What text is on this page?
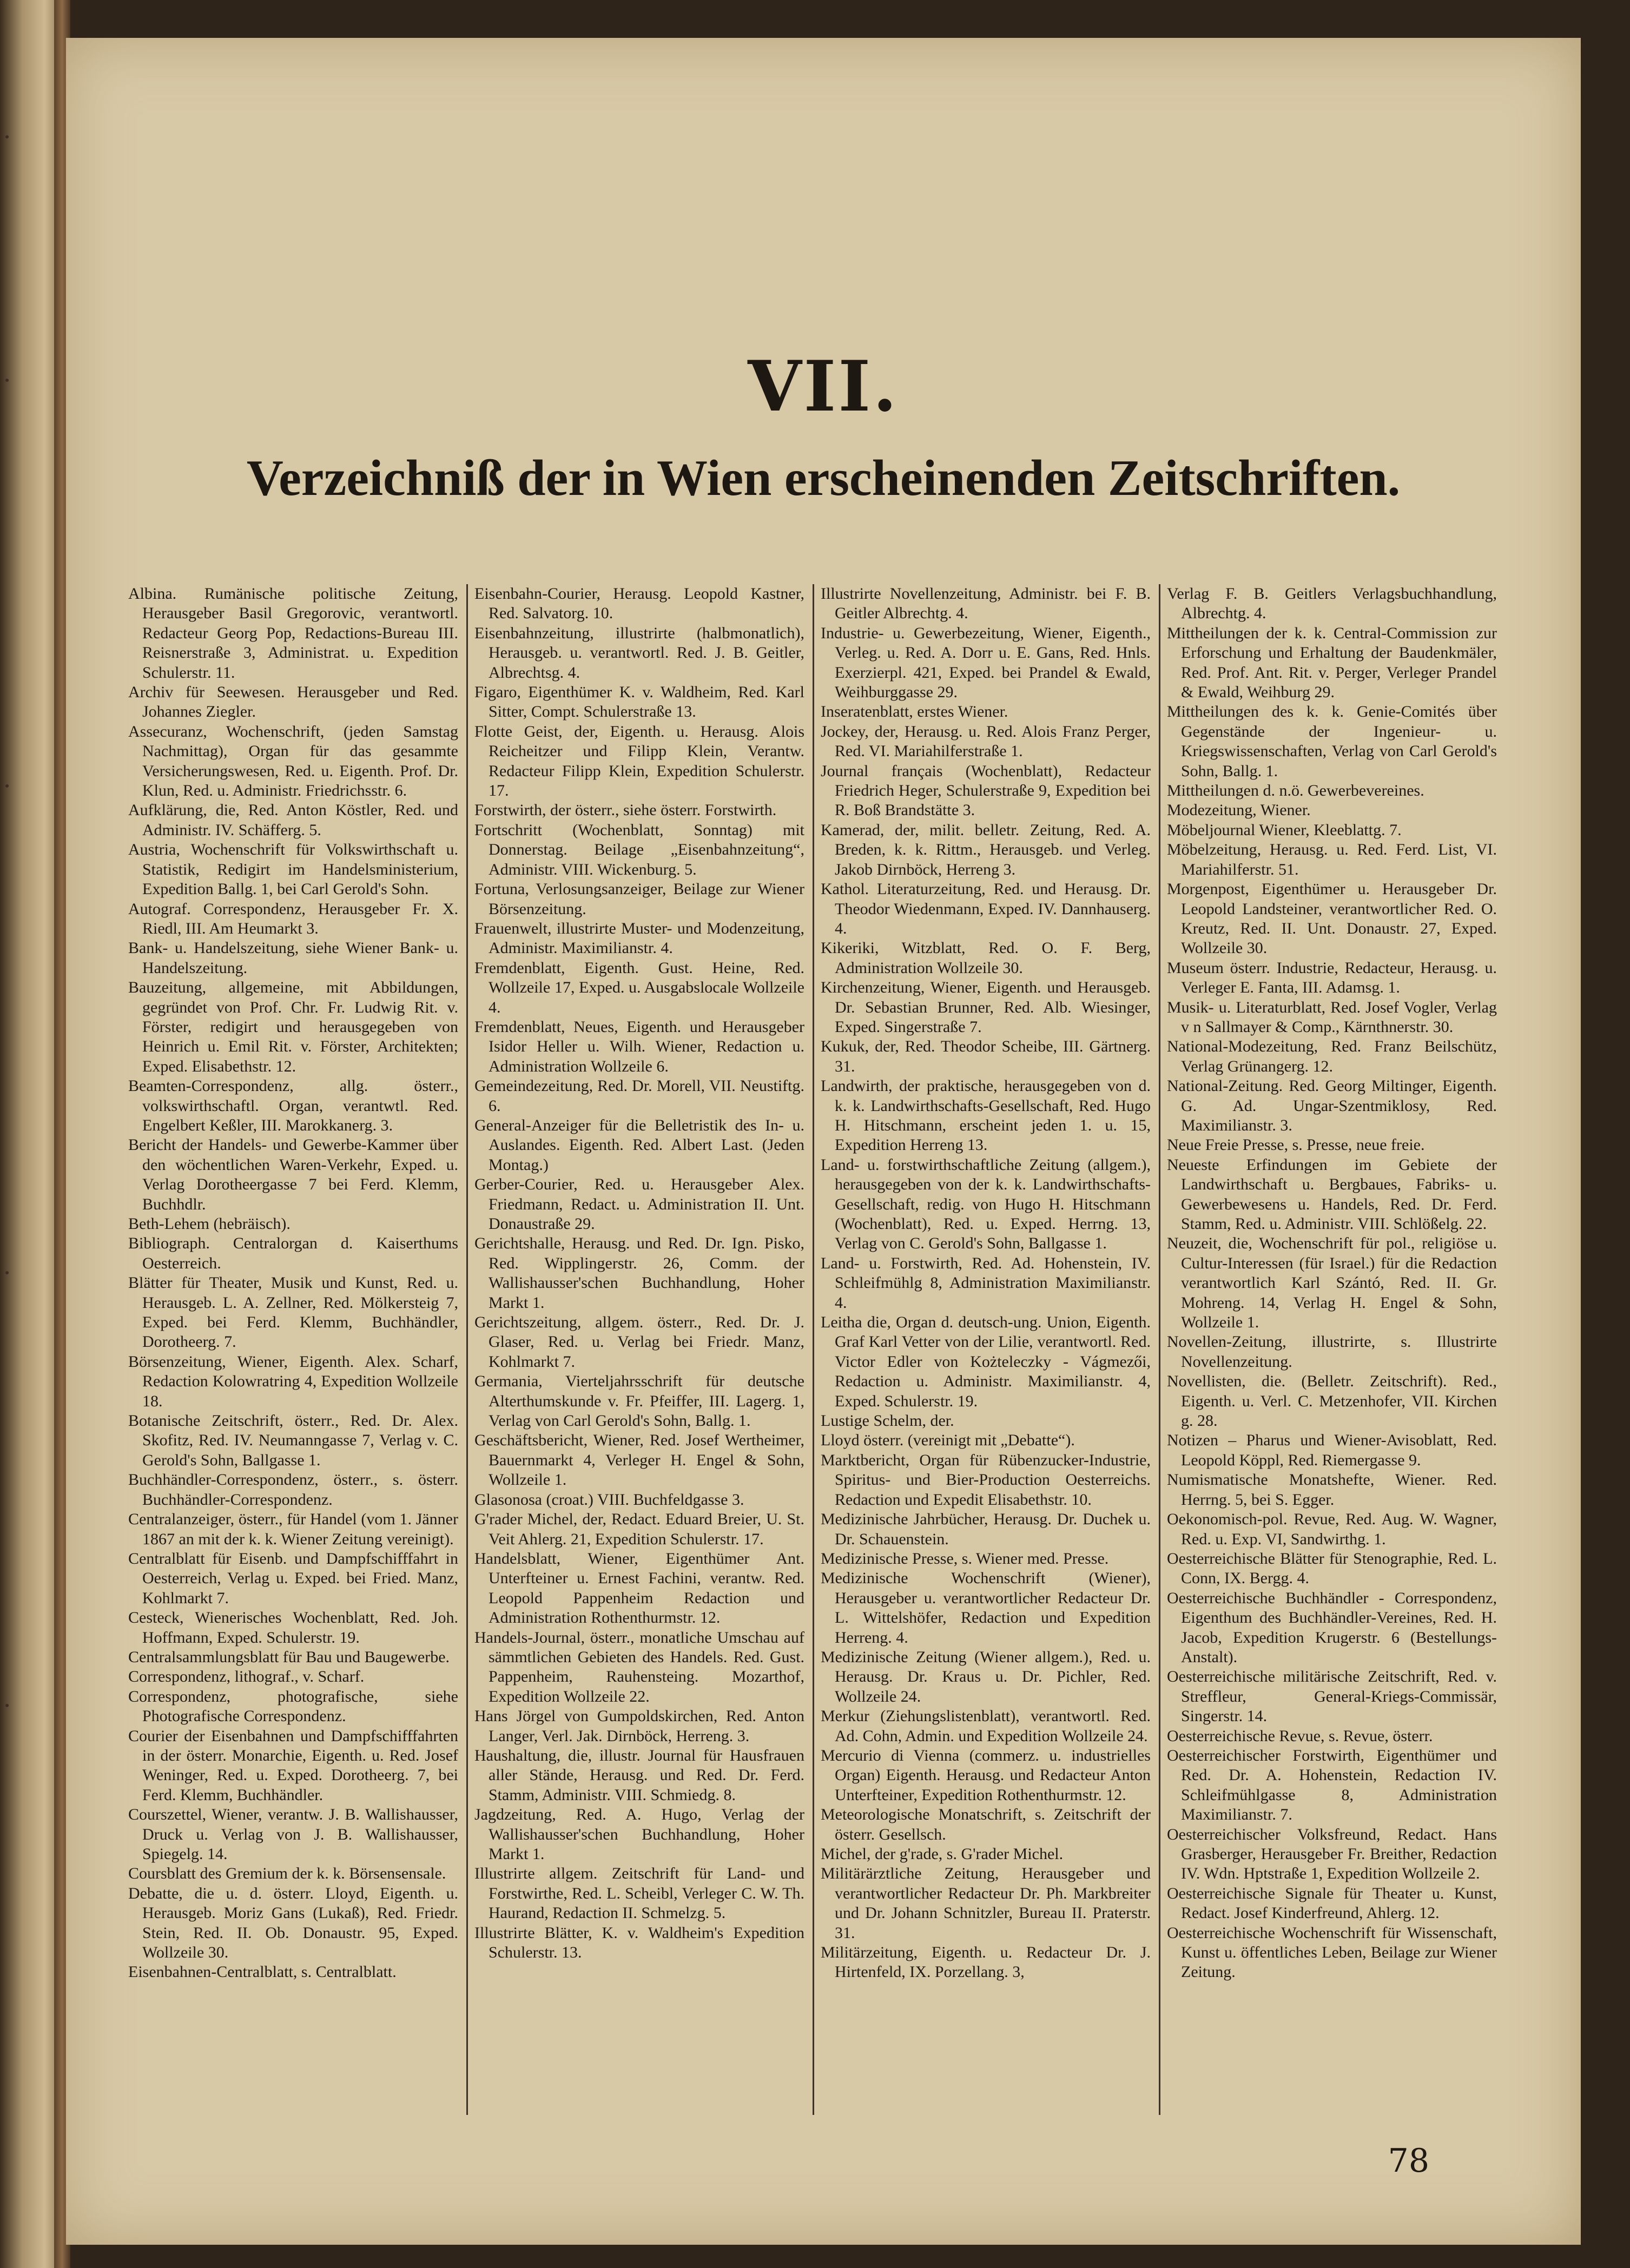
VII.
Verzeichniß der in Wien erscheinenden Zeitschriften.
Albina. Rumänische politische Zeitung, Herausgeber Basil Gregorovic, verantwortl. Redacteur Georg Pop, Redactions-Bureau III. Reisnerstraße 3, Administrat. u. Expedition Schulerstr. 11.
Archiv für Seewesen. Herausgeber und Red. Johannes Ziegler.
Assecuranz, Wochenschrift, (jeden Samstag Nachmittag), Organ für das gesammte Versicherungswesen, Red. u. Eigenth. Prof. Dr. Klun, Red. u. Administr. Friedrichsstr. 6.
Aufklärung, die, Red. Anton Köstler, Red. und Administr. IV. Schäfferg. 5.
Austria, Wochenschrift für Volkswirthschaft u. Statistik, Redigirt im Handelsministerium, Expedition Ballg. 1, bei Carl Gerold's Sohn.
Autograf. Correspondenz, Herausgeber Fr. X. Riedl, III. Am Heumarkt 3.
Bank- u. Handelszeitung, siehe Wiener Bank- u. Handelszeitung.
Bauzeitung, allgemeine, mit Abbildungen, gegründet von Prof. Chr. Fr. Ludwig Rit. v. Förster, redigirt und herausgegeben von Heinrich u. Emil Rit. v. Förster, Architekten; Exped. Elisabethstr. 12.
Beamten-Correspondenz, allg. österr., volkswirthschaftl. Organ, verantwtl. Red. Engelbert Keßler, III. Marokkanerg. 3.
Bericht der Handels- und Gewerbe-Kammer über den wöchentlichen Waren-Verkehr, Exped. u. Verlag Dorotheergasse 7 bei Ferd. Klemm, Buchhdlr.
Beth-Lehem (hebräisch).
Bibliograph. Centralorgan d. Kaiserthums Oesterreich.
Blätter für Theater, Musik und Kunst, Red. u. Herausgeb. L. A. Zellner, Red. Mölkersteig 7, Exped. bei Ferd. Klemm, Buchhändler, Dorotheerg. 7.
Börsenzeitung, Wiener, Eigenth. Alex. Scharf, Redaction Kolowratring 4, Expedition Wollzeile 18.
Botanische Zeitschrift, österr., Red. Dr. Alex. Skofitz, Red. IV. Neumanngasse 7, Verlag v. C. Gerold's Sohn, Ballgasse 1.
Buchhändler-Correspondenz, österr., s. österr. Buchhändler-Correspondenz.
Centralanzeiger, österr., für Handel (vom 1. Jänner 1867 an mit der k. k. Wiener Zeitung vereinigt).
Centralblatt für Eisenb. und Dampfschifffahrt in Oesterreich, Verlag u. Exped. bei Fried. Manz, Kohlmarkt 7.
Cesteck, Wienerisches Wochenblatt, Red. Joh. Hoffmann, Exped. Schulerstr. 19.
Centralsammlungsblatt für Bau und Baugewerbe.
Correspondenz, lithograf., v. Scharf.
Correspondenz, photografische, siehe Photografische Correspondenz.
Courier der Eisenbahnen und Dampfschifffahrten in der österr. Monarchie, Eigenth. u. Red. Josef Weninger, Red. u. Exped. Dorotheerg. 7, bei Ferd. Klemm, Buchhändler.
Courszettel, Wiener, verantw. J. B. Wallishausser, Druck u. Verlag von J. B. Wallishausser, Spiegelg. 14.
Coursblatt des Gremium der k. k. Börsensensale.
Debatte, die u. d. österr. Lloyd, Eigenth. u. Herausgeb. Moriz Gans (Lukaß), Red. Friedr. Stein, Red. II. Ob. Donaustr. 95, Exped. Wollzeile 30.
Eisenbahnen-Centralblatt, s. Centralblatt.
Eisenbahn-Courier, Herausg. Leopold Kastner, Red. Salvatorg. 10.
Eisenbahnzeitung, illustrirte (halbmonatlich), Herausgeb. u. verantwortl. Red. J. B. Geitler, Albrechtsg. 4.
Figaro, Eigenthümer K. v. Waldheim, Red. Karl Sitter, Compt. Schulerstraße 13.
Flotte Geist, der, Eigenth. u. Herausg. Alois Reicheitzer und Filipp Klein, Verantw. Redacteur Filipp Klein, Expedition Schulerstr. 17.
Forstwirth, der österr., siehe österr. Forstwirth.
Fortschritt (Wochenblatt, Sonntag) mit Donnerstag. Beilage „Eisenbahnzeitung“, Administr. VIII. Wickenburg. 5.
Fortuna, Verlosungsanzeiger, Beilage zur Wiener Börsenzeitung.
Frauenwelt, illustrirte Muster- und Modenzeitung, Administr. Maximilianstr. 4.
Fremdenblatt, Eigenth. Gust. Heine, Red. Wollzeile 17, Exped. u. Ausgabslocale Wollzeile 4.
Fremdenblatt, Neues, Eigenth. und Herausgeber Isidor Heller u. Wilh. Wiener, Redaction u. Administration Wollzeile 6.
Gemeindezeitung, Red. Dr. Morell, VII. Neustiftg. 6.
General-Anzeiger für die Belletristik des In- u. Auslandes. Eigenth. Red. Albert Last. (Jeden Montag.)
Gerber-Courier, Red. u. Herausgeber Alex. Friedmann, Redact. u. Administration II. Unt. Donaustraße 29.
Gerichtshalle, Herausg. und Red. Dr. Ign. Pisko, Red. Wipplingerstr. 26, Comm. der Wallishausser'schen Buchhandlung, Hoher Markt 1.
Gerichtszeitung, allgem. österr., Red. Dr. J. Glaser, Red. u. Verlag bei Friedr. Manz, Kohlmarkt 7.
Germania, Vierteljahrsschrift für deutsche Alterthumskunde v. Fr. Pfeiffer, III. Lagerg. 1, Verlag von Carl Gerold's Sohn, Ballg. 1.
Geschäftsbericht, Wiener, Red. Josef Wertheimer, Bauernmarkt 4, Verleger H. Engel & Sohn, Wollzeile 1.
Glasonosa (croat.) VIII. Buchfeldgasse 3.
G'rader Michel, der, Redact. Eduard Breier, U. St. Veit Ahlerg. 21, Expedition Schulerstr. 17.
Handelsblatt, Wiener, Eigenthümer Ant. Unterfteiner u. Ernest Fachini, verantw. Red. Leopold Pappenheim Redaction und Administration Rothenthurmstr. 12.
Handels-Journal, österr., monatliche Umschau auf sämmtlichen Gebieten des Handels. Red. Gust. Pappenheim, Rauhensteing. Mozarthof, Expedition Wollzeile 22.
Hans Jörgel von Gumpoldskirchen, Red. Anton Langer, Verl. Jak. Dirnböck, Herreng. 3.
Haushaltung, die, illustr. Journal für Hausfrauen aller Stände, Herausg. und Red. Dr. Ferd. Stamm, Administr. VIII. Schmiedg. 8.
Jagdzeitung, Red. A. Hugo, Verlag der Wallishausser'schen Buchhandlung, Hoher Markt 1.
Illustrirte allgem. Zeitschrift für Land- und Forstwirthe, Red. L. Scheibl, Verleger C. W. Th. Haurand, Redaction II. Schmelzg. 5.
Illustrirte Blätter, K. v. Waldheim's Expedition Schulerstr. 13.
Illustrirte Novellenzeitung, Administr. bei F. B. Geitler Albrechtg. 4.
Industrie- u. Gewerbezeitung, Wiener, Eigenth., Verleg. u. Red. A. Dorr u. E. Gans, Red. Hnls. Exerzierpl. 421, Exped. bei Prandel & Ewald, Weihburggasse 29.
Inseratenblatt, erstes Wiener.
Jockey, der, Herausg. u. Red. Alois Franz Perger, Red. VI. Mariahilferstraße 1.
Journal français (Wochenblatt), Redacteur Friedrich Heger, Schulerstraße 9, Expedition bei R. Boß Brandstätte 3.
Kamerad, der, milit. belletr. Zeitung, Red. A. Breden, k. k. Rittm., Herausgeb. und Verleg. Jakob Dirnböck, Herreng 3.
Kathol. Literaturzeitung, Red. und Herausg. Dr. Theodor Wiedenmann, Exped. IV. Dannhauserg. 4.
Kikeriki, Witzblatt, Red. O. F. Berg, Administration Wollzeile 30.
Kirchenzeitung, Wiener, Eigenth. und Herausgeb. Dr. Sebastian Brunner, Red. Alb. Wiesinger, Exped. Singerstraße 7.
Kukuk, der, Red. Theodor Scheibe, III. Gärtnerg. 31.
Landwirth, der praktische, herausgegeben von d. k. k. Landwirthschafts-Gesellschaft, Red. Hugo H. Hitschmann, erscheint jeden 1. u. 15, Expedition Herreng 13.
Land- u. forstwirthschaftliche Zeitung (allgem.), herausgegeben von der k. k. Landwirthschafts-Gesellschaft, redig. von Hugo H. Hitschmann (Wochenblatt), Red. u. Exped. Herrng. 13, Verlag von C. Gerold's Sohn, Ballgasse 1.
Land- u. Forstwirth, Red. Ad. Hohenstein, IV. Schleifmühlg 8, Administration Maximilianstr. 4.
Leitha die, Organ d. deutsch-ung. Union, Eigenth. Graf Karl Vetter von der Lilie, verantwortl. Red. Victor Edler von Kożteleczky - Vágmezői, Redaction u. Administr. Maximilianstr. 4, Exped. Schulerstr. 19.
Lustige Schelm, der.
Lloyd österr. (vereinigt mit „Debatte“).
Marktbericht, Organ für Rübenzucker-Industrie, Spiritus- und Bier-Production Oesterreichs. Redaction und Expedit Elisabethstr. 10.
Medizinische Jahrbücher, Herausg. Dr. Duchek u. Dr. Schauenstein.
Medizinische Presse, s. Wiener med. Presse.
Medizinische Wochenschrift (Wiener), Herausgeber u. verantwortlicher Redacteur Dr. L. Wittelshöfer, Redaction und Expedition Herreng. 4.
Medizinische Zeitung (Wiener allgem.), Red. u. Herausg. Dr. Kraus u. Dr. Pichler, Red. Wollzeile 24.
Merkur (Ziehungslistenblatt), verantwortl. Red. Ad. Cohn, Admin. und Expedition Wollzeile 24.
Mercurio di Vienna (commerz. u. industrielles Organ) Eigenth. Herausg. und Redacteur Anton Unterfteiner, Expedition Rothenthurmstr. 12.
Meteorologische Monatschrift, s. Zeitschrift der österr. Gesellsch.
Michel, der g'rade, s. G'rader Michel.
Militärärztliche Zeitung, Herausgeber und verantwortlicher Redacteur Dr. Ph. Markbreiter und Dr. Johann Schnitzler, Bureau II. Praterstr. 31.
Militärzeitung, Eigenth. u. Redacteur Dr. J. Hirtenfeld, IX. Porzellang. 3,
Verlag F. B. Geitlers Verlagsbuchhandlung, Albrechtg. 4.
Mittheilungen der k. k. Central-Commission zur Erforschung und Erhaltung der Baudenkmäler, Red. Prof. Ant. Rit. v. Perger, Verleger Prandel & Ewald, Weihburg 29.
Mittheilungen des k. k. Genie-Comités über Gegenstände der Ingenieur- u. Kriegswissenschaften, Verlag von Carl Gerold's Sohn, Ballg. 1.
Mittheilungen d. n.ö. Gewerbevereines.
Modezeitung, Wiener.
Möbeljournal Wiener, Kleeblattg. 7.
Möbelzeitung, Herausg. u. Red. Ferd. List, VI. Mariahilferstr. 51.
Morgenpost, Eigenthümer u. Herausgeber Dr. Leopold Landsteiner, verantwortlicher Red. O. Kreutz, Red. II. Unt. Donaustr. 27, Exped. Wollzeile 30.
Museum österr. Industrie, Redacteur, Herausg. u. Verleger E. Fanta, III. Adamsg. 1.
Musik- u. Literaturblatt, Red. Josef Vogler, Verlag v n Sallmayer & Comp., Kärnthnerstr. 30.
National-Modezeitung, Red. Franz Beilschütz, Verlag Grünangerg. 12.
National-Zeitung. Red. Georg Miltinger, Eigenth. G. Ad. Ungar-Szentmiklosy, Red. Maximilianstr. 3.
Neue Freie Presse, s. Presse, neue freie.
Neueste Erfindungen im Gebiete der Landwirthschaft u. Bergbaues, Fabriks- u. Gewerbewesens u. Handels, Red. Dr. Ferd. Stamm, Red. u. Administr. VIII. Schlößelg. 22.
Neuzeit, die, Wochenschrift für pol., religiöse u. Cultur-Interessen (für Israel.) für die Redaction verantwortlich Karl Szántó, Red. II. Gr. Mohreng. 14, Verlag H. Engel & Sohn, Wollzeile 1.
Novellen-Zeitung, illustrirte, s. Illustrirte Novellenzeitung.
Novellisten, die. (Belletr. Zeitschrift). Red., Eigenth. u. Verl. C. Metzenhofer, VII. Kirchen g. 28.
Notizen – Pharus und Wiener-Avisoblatt, Red. Leopold Köppl, Red. Riemergasse 9.
Numismatische Monatshefte, Wiener. Red. Herrng. 5, bei S. Egger.
Oekonomisch-pol. Revue, Red. Aug. W. Wagner, Red. u. Exp. VI, Sandwirthg. 1.
Oesterreichische Blätter für Stenographie, Red. L. Conn, IX. Bergg. 4.
Oesterreichische Buchhändler - Correspondenz, Eigenthum des Buchhändler-Vereines, Red. H. Jacob, Expedition Krugerstr. 6 (Bestellungs-Anstalt).
Oesterreichische militärische Zeitschrift, Red. v. Streffleur, General-Kriegs-Commissär, Singerstr. 14.
Oesterreichische Revue, s. Revue, österr.
Oesterreichischer Forstwirth, Eigenthümer und Red. Dr. A. Hohenstein, Redaction IV. Schleifmühlgasse 8, Administration Maximilianstr. 7.
Oesterreichischer Volksfreund, Redact. Hans Grasberger, Herausgeber Fr. Breither, Redaction IV. Wdn. Hptstraße 1, Expedition Wollzeile 2.
Oesterreichische Signale für Theater u. Kunst, Redact. Josef Kinderfreund, Ahlerg. 12.
Oesterreichische Wochenschrift für Wissenschaft, Kunst u. öffentliches Leben, Beilage zur Wiener Zeitung.
78
